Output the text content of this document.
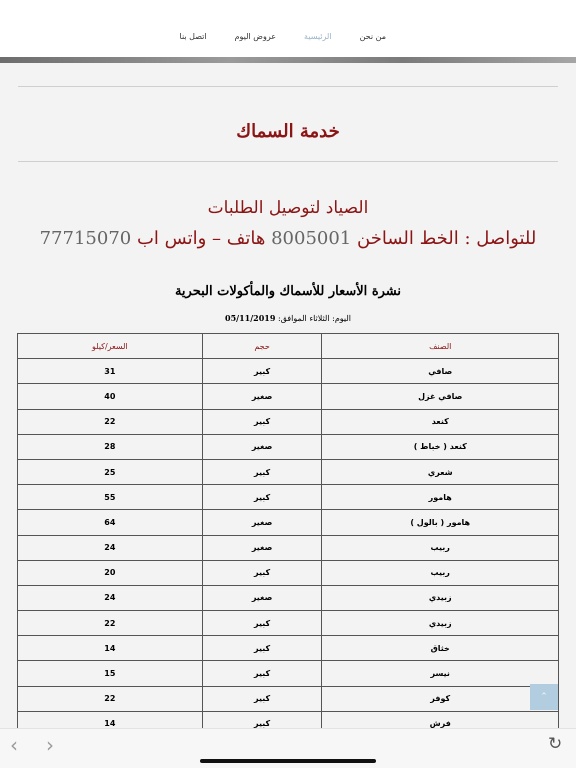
من نحن
الرئيسية
عروض اليوم
اتصل بنا
خدمة السماك
الصياد لتوصيل الطلبات
للتواصل : الخط الساخن 8005001 هاتف – واتس اب 77715070
نشرة الأسعار للأسماك والمأكولات البحرية
اليوم: الثلاثاء الموافق: 05/11/2019
الصنف	حجم	السعر/كيلو
صافي	كبير	31
صافي غزل	صغير	40
كنعد	كبير	22
كنعد ( خباط )	صغير	28
شعري	كبير	25
هامور	كبير	55
هامور ( بالول )	صغير	64
ربيب	صغير	24
ربيب	كبير	20
زبيدي	صغير	24
زبيدي	كبير	22
خثاق	كبير	14
نيسر	كبير	15
كوفر	كبير	22
فرش	كبير	14
⌃
‹ ›	↻
